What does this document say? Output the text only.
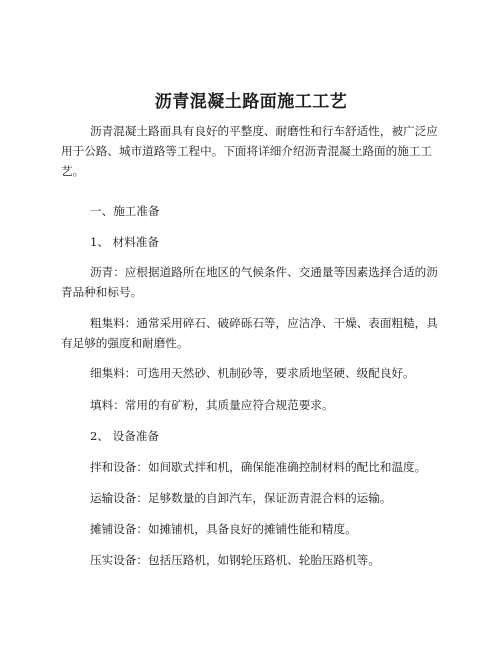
沥青混凝土路面施工工艺

沥青混凝土路面具有良好的平整度、耐磨性和行车舒适性，被广泛应用于公路、城市道路等工程中。下面将详细介绍沥青混凝土路面的施工工艺。

一、施工准备

1、 材料准备

沥青：应根据道路所在地区的气候条件、交通量等因素选择合适的沥青品种和标号。

粗集料：通常采用碎石、破碎砾石等，应洁净、干燥、表面粗糙，具有足够的强度和耐磨性。

细集料：可选用天然砂、机制砂等，要求质地坚硬、级配良好。

填料：常用的有矿粉，其质量应符合规范要求。

2、 设备准备

拌和设备：如间歇式拌和机，确保能准确控制材料的配比和温度。

运输设备：足够数量的自卸汽车，保证沥青混合料的运输。

摊铺设备：如摊铺机，具备良好的摊铺性能和精度。

压实设备：包括压路机，如钢轮压路机、轮胎压路机等。
